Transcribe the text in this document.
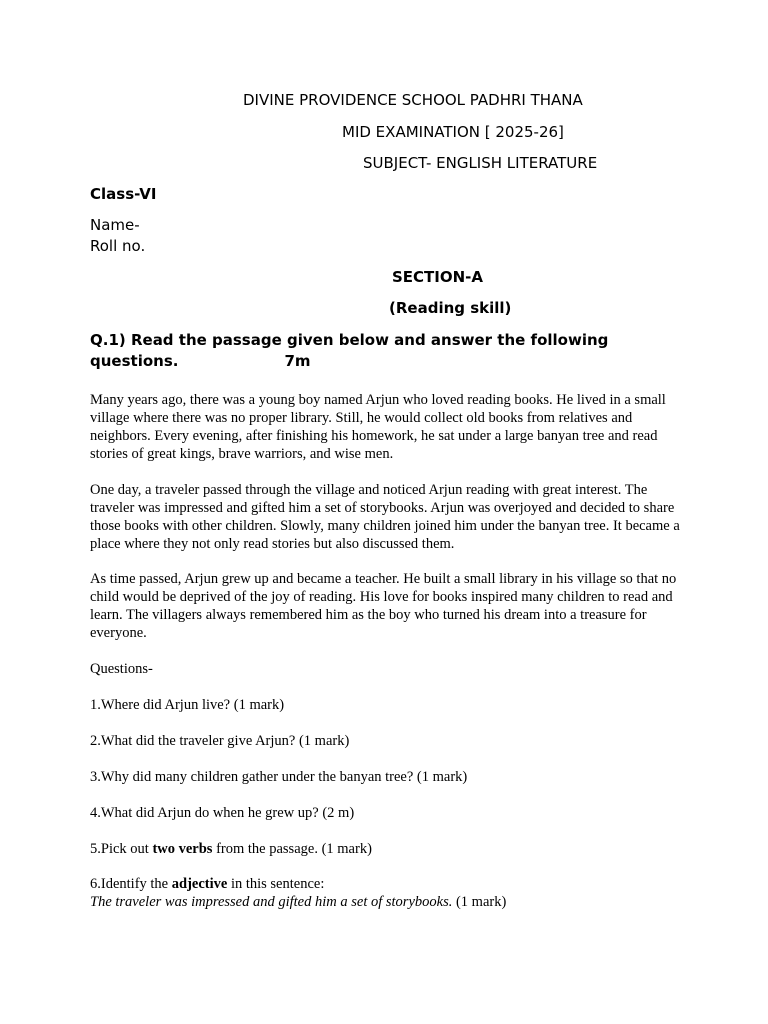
DIVINE PROVIDENCE SCHOOL PADHRI THANA
MID EXAMINATION [ 2025-26]
SUBJECT- ENGLISH LITERATURE
Class-VI
Name-
Roll no.
SECTION-A
(Reading skill)
Q.1) Read the passage given below and answer the following questions.	7m

Many years ago, there was a young boy named Arjun who loved reading books. He lived in a small village where there was no proper library. Still, he would collect old books from relatives and neighbors. Every evening, after finishing his homework, he sat under a large banyan tree and read stories of great kings, brave warriors, and wise men.

One day, a traveler passed through the village and noticed Arjun reading with great interest. The traveler was impressed and gifted him a set of storybooks. Arjun was overjoyed and decided to share those books with other children. Slowly, many children joined him under the banyan tree. It became a place where they not only read stories but also discussed them.

As time passed, Arjun grew up and became a teacher. He built a small library in his village so that no child would be deprived of the joy of reading. His love for books inspired many children to read and learn. The villagers always remembered him as the boy who turned his dream into a treasure for everyone.

Questions-
1.Where did Arjun live? (1 mark)
2.What did the traveler give Arjun? (1 mark)
3.Why did many children gather under the banyan tree? (1 mark)
4.What did Arjun do when he grew up? (2 m)
5.Pick out two verbs from the passage. (1 mark)
6.Identify the adjective in this sentence:
The traveler was impressed and gifted him a set of storybooks. (1 mark)
